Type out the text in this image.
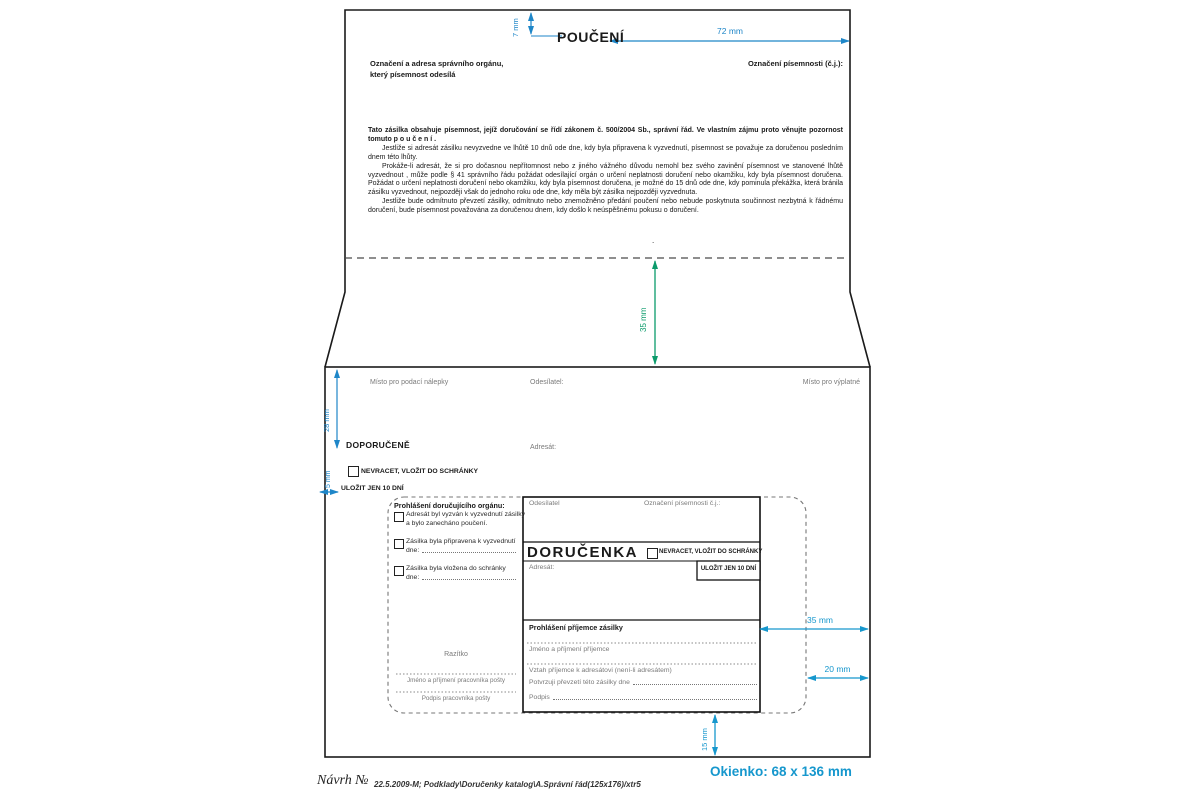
POUČENÍ
7 mm	72 mm
Označení a adresa správního orgánu,
který písemnost odesílá
Označení písemnosti (č.j.):

Tato zásilka obsahuje písemnost, jejíž doručování se řídí zákonem č. 500/2004 Sb., správní řád. Ve vlastním zájmu proto věnujte pozornost tomuto p o u č e n í .

Jestliže si adresát zásilku nevyzvedne ve lhůtě 10 dnů ode dne, kdy byla připravena k vyzvednutí, písemnost se považuje za doručenou posledním dnem této lhůty.

Prokáže-li adresát, že si pro dočasnou nepřítomnost nebo z jiného vážného důvodu nemohl bez svého zavinění písemnost ve stanovené lhůtě vyzvednout , může podle § 41 správního řádu požádat odesílající orgán o určení neplatnosti doručení nebo okamžiku, kdy byla písemnost doručena. Požádat o určení neplatnosti doručení nebo okamžiku, kdy byla písemnost doručena, je možné do 15 dnů ode dne, kdy pominula překážka, která bránila zásilku vyzvednout, nejpozději však do jednoho roku ode dne, kdy měla být zásilka nejpozději vyzvednuta.

Jestliže bude odmítnuto převzetí zásilky, odmítnuto nebo znemožněno předání poučení nebo nebude poskytnuta součinnost nezbytná k řádnému doručení, bude písemnost považována za doručenou dnem, kdy došlo k neúspěšnému pokusu o doručení.

.
35 mm
Místo pro podací nálepky	Odesílatel:	Místo pro výplatné
28 mm
DOPORUČENĚ	Adresát:
5 mm	NEVRACET, VLOŽIT DO SCHRÁNKY
ULOŽIT JEN 10 DNÍ
Prohlášení doručujícího orgánu:
Adresát byl vyzván k vyzvednutí zásilky
a bylo zanecháno poučení.
Zásilka byla připravena k vyzvednutí
dne:
Zásilka byla vložena do schránky
dne:
Razítko
Jméno a příjmení pracovníka pošty
Podpis pracovníka pošty
Odesílatel	Označení písemnosti č.j.:
DORUČENKA	NEVRACET, VLOŽIT DO SCHRÁNKY
ULOŽIT JEN 10 DNÍ
Adresát:
Prohlášení příjemce zásilky
Jméno a příjmení příjemce
Vztah příjemce k adresátovi (není-li adresátem)
Potvrzuji převzetí této zásilky dne
Podpis
35 mm
20 mm
15 mm
Okienko: 68 x 136 mm
Návrh № 22.5.2009-M; Podklady\Doručenky katalog\A.Správní řád(125x176)/xtr5
